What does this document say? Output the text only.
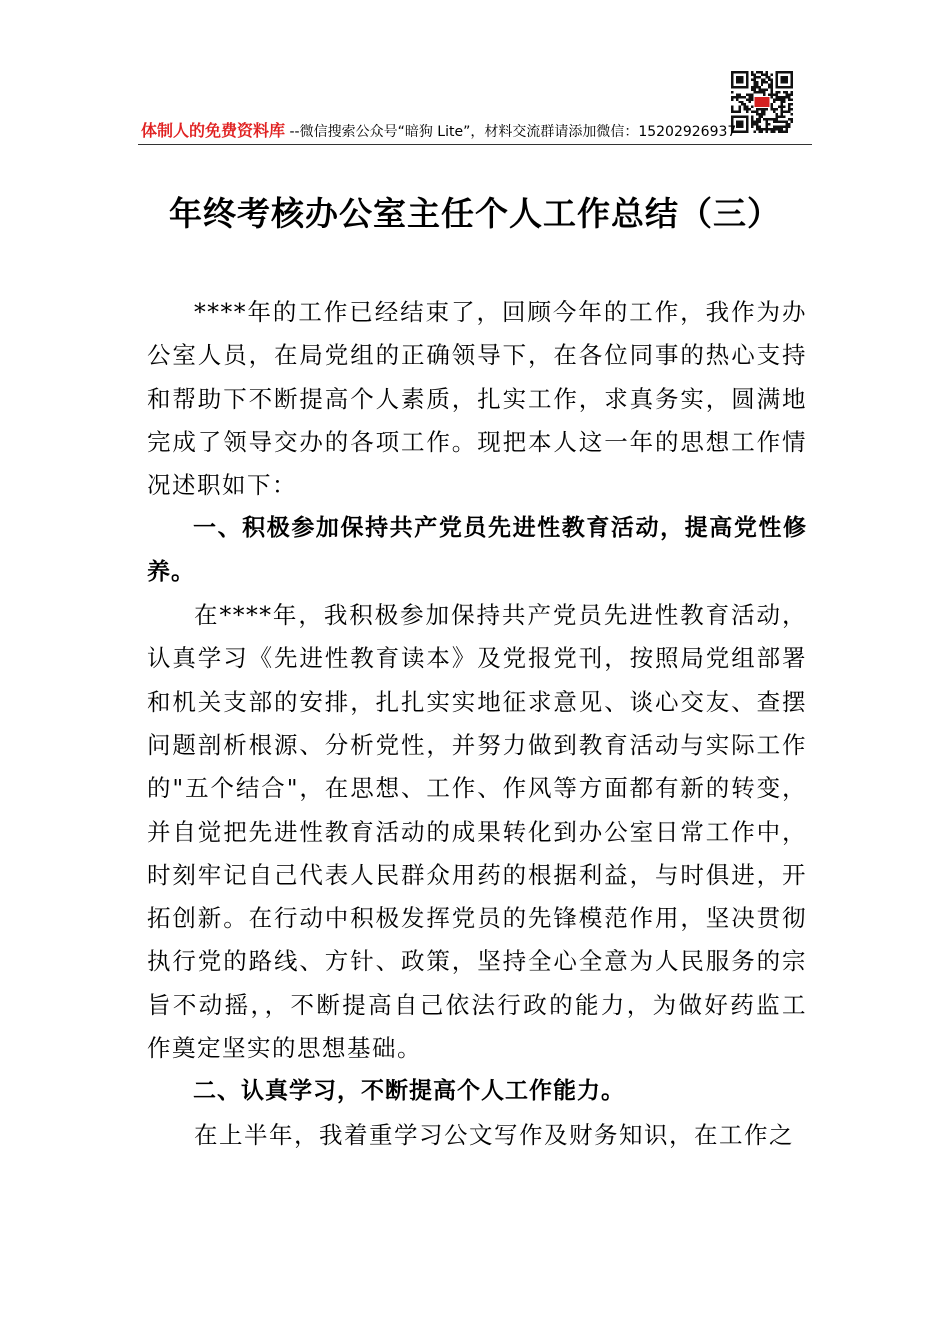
体制人的免费资料库 --微信搜索公众号“暗狗 Lite”，材料交流群请添加微信：15202926937
年终考核办公室主任个人工作总结（三）

****年的工作已经结束了，回顾今年的工作，我作为办公室人员，在局党组的正确领导下，在各位同事的热心支持和帮助下不断提高个人素质，扎实工作，求真务实，圆满地完成了领导交办的各项工作。现把本人这一年的思想工作情况述职如下：

一、积极参加保持共产党员先进性教育活动，提高党性修养。

在****年，我积极参加保持共产党员先进性教育活动，认真学习《先进性教育读本》及党报党刊，按照局党组部署和机关支部的安排，扎扎实实地征求意见、谈心交友、查摆问题剖析根源、分析党性，并努力做到教育活动与实际工作的"五个结合"，在思想、工作、作风等方面都有新的转变，并自觉把先进性教育活动的成果转化到办公室日常工作中，时刻牢记自己代表人民群众用药的根据利益，与时俱进，开拓创新。在行动中积极发挥党员的先锋模范作用，坚决贯彻执行党的路线、方针、政策，坚持全心全意为人民服务的宗旨不动摇，，不断提高自己依法行政的能力，为做好药监工作奠定坚实的思想基础。

二、认真学习，不断提高个人工作能力。

在上半年，我着重学习公文写作及财务知识，在工作之
